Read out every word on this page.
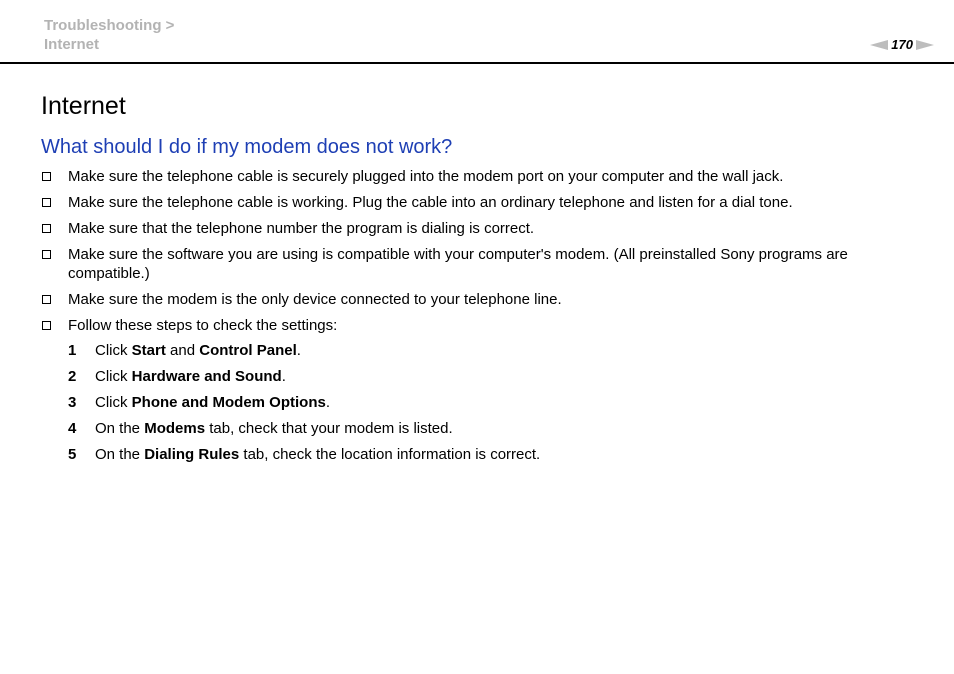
Troubleshooting >
Internet	170
Internet
What should I do if my modem does not work?
Make sure the telephone cable is securely plugged into the modem port on your computer and the wall jack.
Make sure the telephone cable is working. Plug the cable into an ordinary telephone and listen for a dial tone.
Make sure that the telephone number the program is dialing is correct.
Make sure the software you are using is compatible with your computer's modem. (All preinstalled Sony programs are compatible.)
Make sure the modem is the only device connected to your telephone line.
Follow these steps to check the settings:
1	Click Start and Control Panel.
2	Click Hardware and Sound.
3	Click Phone and Modem Options.
4	On the Modems tab, check that your modem is listed.
5	On the Dialing Rules tab, check the location information is correct.
